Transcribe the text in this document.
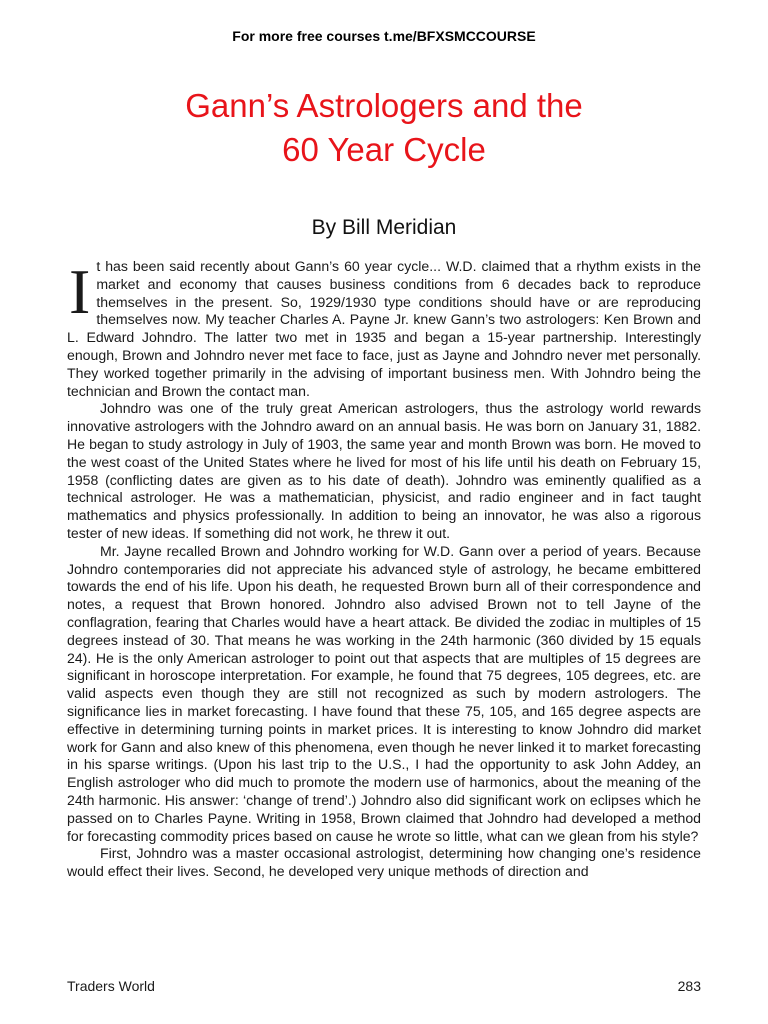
For more free courses t.me/BFXSMCCOURSE
Gann’s Astrologers and the
60 Year Cycle
By Bill Meridian

It has been said recently about Gann’s 60 year cycle... W.D. claimed that a rhythm exists in the market and economy that causes business conditions from 6 decades back to reproduce themselves in the present. So, 1929/1930 type conditions should have or are reproducing themselves now. My teacher Charles A. Payne Jr. knew Gann’s two astrologers: Ken Brown and L. Edward Johndro. The latter two met in 1935 and began a 15-year partnership. Interestingly enough, Brown and Johndro never met face to face, just as Jayne and Johndro never met personally. They worked together primarily in the advising of important business men. With Johndro being the technician and Brown the contact man.

Johndro was one of the truly great American astrologers, thus the astrology world rewards innovative astrologers with the Johndro award on an annual basis. He was born on January 31, 1882. He began to study astrology in July of 1903, the same year and month Brown was born. He moved to the west coast of the United States where he lived for most of his life until his death on February 15, 1958 (conflicting dates are given as to his date of death). Johndro was eminently qualified as a technical astrologer. He was a mathematician, physicist, and radio engineer and in fact taught mathematics and physics professionally. In addition to being an innovator, he was also a rigorous tester of new ideas. If something did not work, he threw it out.

Mr. Jayne recalled Brown and Johndro working for W.D. Gann over a period of years. Because Johndro contemporaries did not appreciate his advanced style of astrology, he became embittered towards the end of his life. Upon his death, he requested Brown burn all of their correspondence and notes, a request that Brown honored. Johndro also advised Brown not to tell Jayne of the conflagration, fearing that Charles would have a heart attack. Be divided the zodiac in multiples of 15 degrees instead of 30. That means he was working in the 24th harmonic (360 divided by 15 equals 24). He is the only American astrologer to point out that aspects that are multiples of 15 degrees are significant in horoscope interpretation. For example, he found that 75 degrees, 105 degrees, etc. are valid aspects even though they are still not recognized as such by modern astrologers. The significance lies in market forecasting. I have found that these 75, 105, and 165 degree aspects are effective in determining turning points in market prices. It is interesting to know Johndro did market work for Gann and also knew of this phenomena, even though he never linked it to market forecasting in his sparse writings. (Upon his last trip to the U.S., I had the opportunity to ask John Addey, an English astrologer who did much to promote the modern use of harmonics, about the meaning of the 24th harmonic. His answer: ‘change of trend’.) Johndro also did significant work on eclipses which he passed on to Charles Payne. Writing in 1958, Brown claimed that Johndro had developed a method for forecasting commodity prices based on cause he wrote so little, what can we glean from his style?

First, Johndro was a master occasional astrologist, determining how changing one’s residence would effect their lives. Second, he developed very unique methods of direction and

Traders World	283
